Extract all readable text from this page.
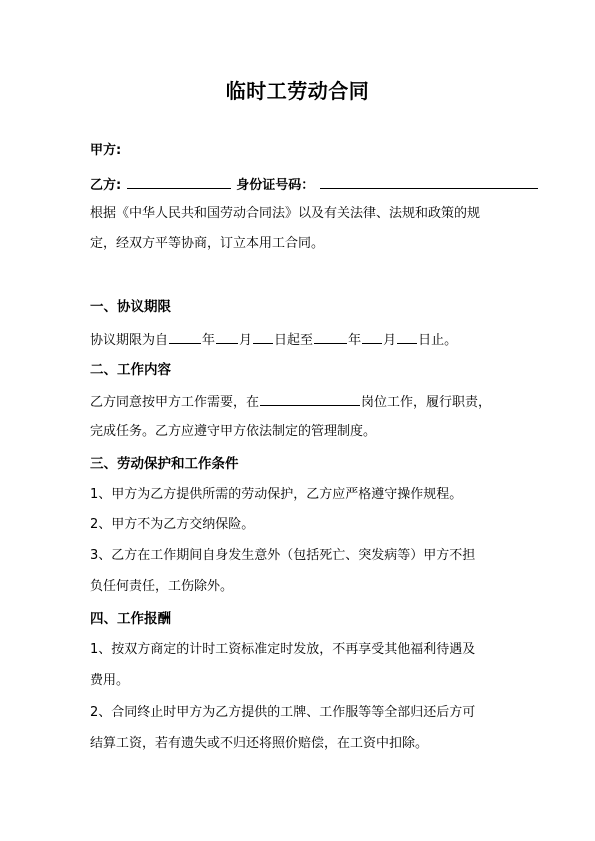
临时工劳动合同
甲方:
乙方:	身份证号码：
根据《中华人民共和国劳动合同法》以及有关法律、法规和政策的规
定，经双方平等协商，订立本用工合同。
一、协议期限
协议期限为自	年 月 日起至	年 月 日止。
二、工作内容
乙方同意按甲方工作需要，在	岗位工作，履行职责，
完成任务。乙方应遵守甲方依法制定的管理制度。
三、劳动保护和工作条件
1、甲方为乙方提供所需的劳动保护，乙方应严格遵守操作规程。
2、甲方不为乙方交纳保险。
3、乙方在工作期间自身发生意外（包括死亡、突发病等）甲方不担
负任何责任，工伤除外。
四、工作报酬
1、按双方商定的计时工资标准定时发放，不再享受其他福利待遇及
费用。
2、合同终止时甲方为乙方提供的工牌、工作服等等全部归还后方可
结算工资，若有遗失或不归还将照价赔偿，在工资中扣除。
